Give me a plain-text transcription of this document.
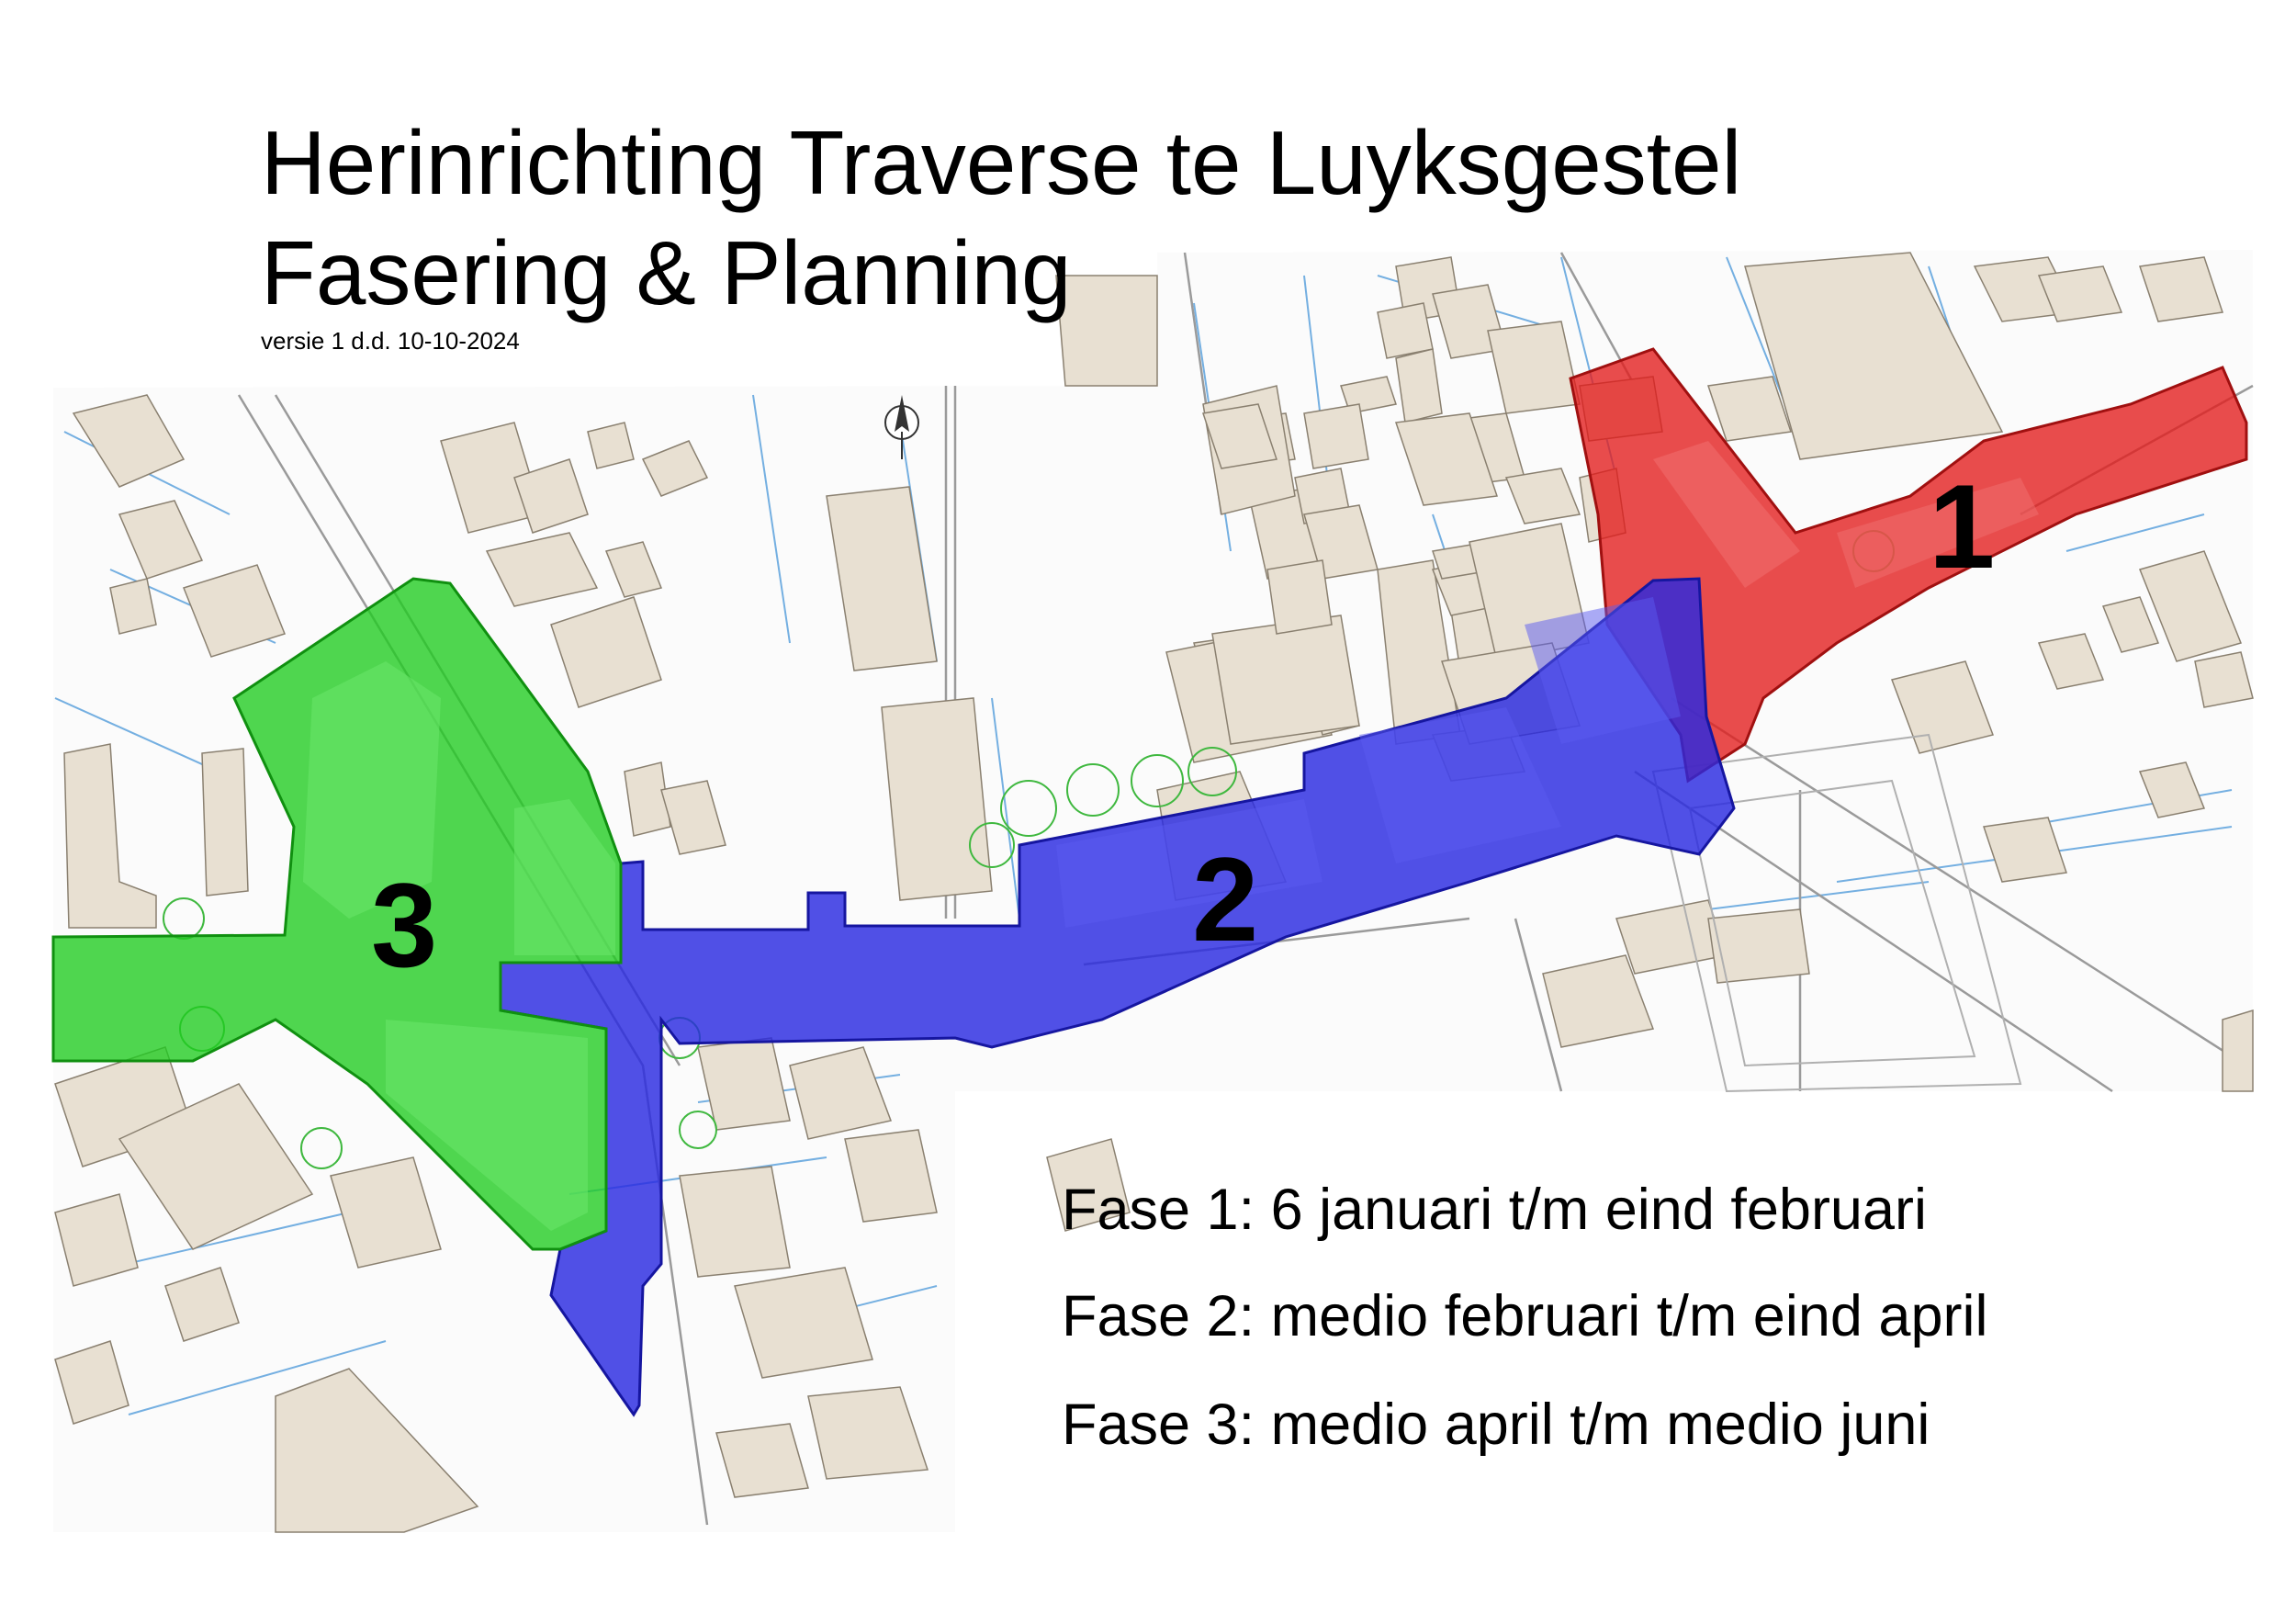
1
2
3
Herinrichting Traverse te Luyksgestel
Fasering & Planning
versie 1 d.d. 10-10-2024
Fase 1: 6 januari t/m eind februari
Fase 2: medio februari t/m eind april
Fase 3: medio april t/m medio juni
